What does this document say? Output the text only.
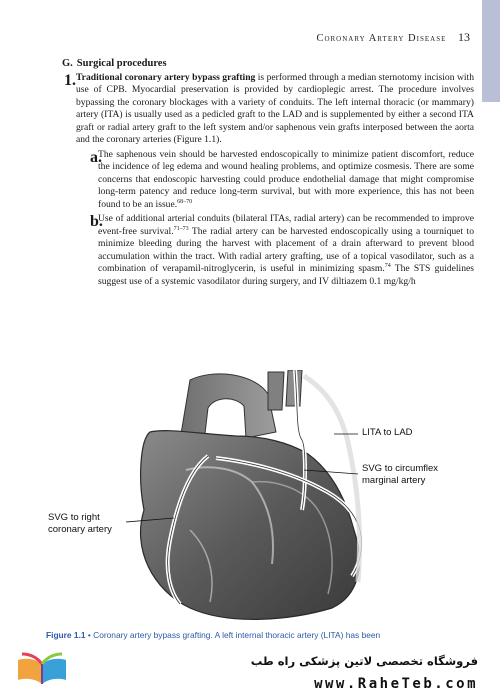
Coronary Artery Disease 13
G. Surgical procedures
1. Traditional coronary artery bypass grafting is performed through a median sternotomy incision with use of CPB. Myocardial preservation is provided by cardioplegic arrest. The procedure involves bypassing the coronary blockages with a variety of conduits. The left internal thoracic (or mammary) artery (ITA) is usually used as a pedicled graft to the LAD and is supplemented by either a second ITA graft or radial artery graft to the left system and/or saphenous vein grafts interposed between the aorta and the coronary arteries (Figure 1.1).

a.

The saphenous vein should be harvested endoscopically to minimize patient discomfort, reduce the incidence of leg edema and wound healing problems, and optimize cosmesis. There are some concerns that endoscopic harvesting could produce endothelial damage that might compromise long-term patency and reduce long-term survival, but with more experience, this has not been found to be an issue.$^{68-70}$

b.

Use of additional arterial conduits (bilateral ITAs, radial artery) can be recommended to improve event-free survival.$^{71-73}$ The radial artery can be harvested endoscopically using a tourniquet to minimize bleeding during the harvest with placement of a drain afterward to prevent blood accumulation within the tract. With radial artery grafting, use of a topical vasodilator, such as a combination of verapamil-nitroglycerin, is useful in minimizing spasm.$^{74}$ The STS guidelines suggest use of a systemic vasodilator during surgery, and IV diltiazem 0.1 mg/kg/h

LITA to LAD
SVG to circumflex
marginal artery
SVG to right
coronary artery
Figure 1.1 • Coronary artery bypass grafting. A left internal thoracic artery (LITA) has been
فروشگاه تخصصی لاتین پزشکی راه طب
www.RaheTeb.com
